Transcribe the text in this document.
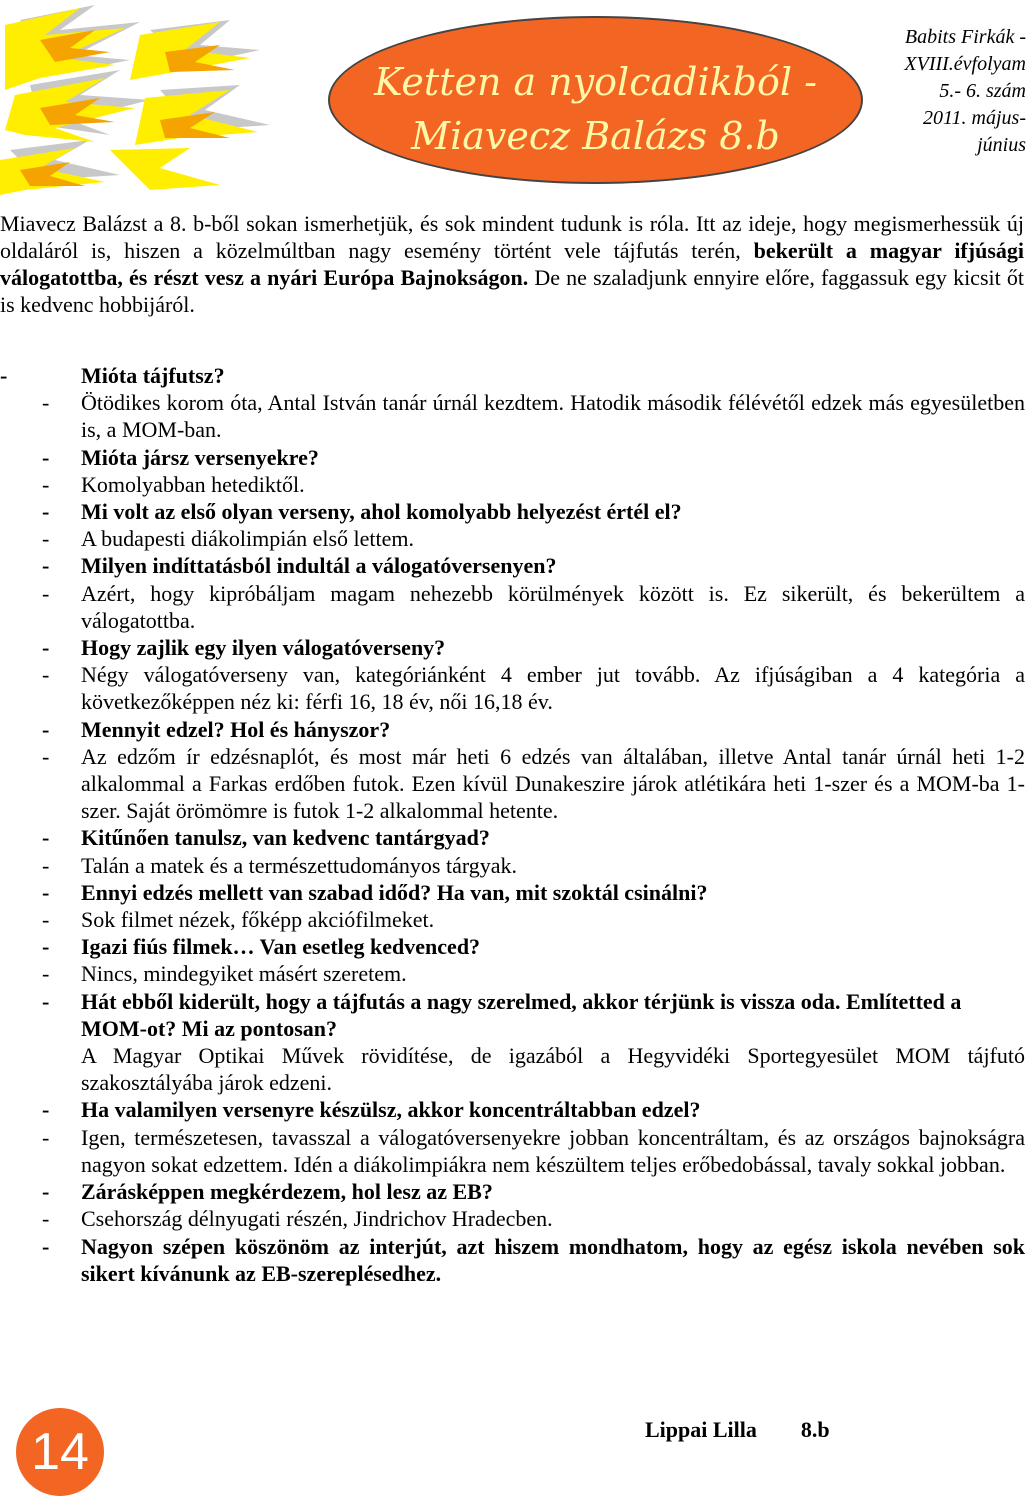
Ketten a nyolcadikból -
Miavecz Balázs 8.b
Babits Firkák -
XVIII.évfolyam
5.- 6. szám
2011. május-
június
Miavecz Balázst a 8. b-ből sokan ismerhetjük, és sok mindent tudunk is róla. Itt az ideje, hogy megismerhessük új oldaláról is, hiszen a közelmúltban nagy esemény történt vele tájfutás terén, bekerült a magyar ifjúsági válogatottba, és részt vesz a nyári Európa Bajnokságon. De ne szaladjunk ennyire előre, faggassuk egy kicsit őt is kedvenc hobbijáról.
-	Mióta tájfutsz?
- Ötödikes korom óta, Antal István tanár úrnál kezdtem. Hatodik második félévétől edzek más egyesületben is, a MOM-ban.
- Mióta jársz versenyekre?
- Komolyabban hetediktől.
- Mi volt az első olyan verseny, ahol komolyabb helyezést értél el?
- A budapesti diákolimpián első lettem.
- Milyen indíttatásból indultál a válogatóversenyen?
- Azért, hogy kipróbáljam magam nehezebb körülmények között is. Ez sikerült, és bekerültem a válogatottba.
- Hogy zajlik egy ilyen válogatóverseny?
- Négy válogatóverseny van, kategóriánként 4 ember jut tovább. Az ifjúságiban a 4 kategória a következőképpen néz ki: férfi 16, 18 év, női 16,18 év.
- Mennyit edzel? Hol és hányszor?
- Az edzőm ír edzésnaplót, és most már heti 6 edzés van általában, illetve Antal tanár úrnál heti 1-2 alkalommal a Farkas erdőben futok. Ezen kívül Dunakeszire járok atlétikára heti 1-szer és a MOM-ba 1-szer. Saját örömömre is futok 1-2 alkalommal hetente.
- Kitűnően tanulsz, van kedvenc tantárgyad?
- Talán a matek és a természettudományos tárgyak.
- Ennyi edzés mellett van szabad időd? Ha van, mit szoktál csinálni?
- Sok filmet nézek, főképp akciófilmeket.
- Igazi fiús filmek… Van esetleg kedvenced?
- Nincs, mindegyiket másért szeretem.
- Hát ebből kiderült, hogy a tájfutás a nagy szerelmed, akkor térjünk is vissza oda. Említetted a MOM-ot? Mi az pontosan?
A Magyar Optikai Művek rövidítése, de igazából a Hegyvidéki Sportegyesület MOM tájfutó szakosztályába járok edzeni.
- Ha valamilyen versenyre készülsz, akkor koncentráltabban edzel?
- Igen, természetesen, tavasszal a válogatóversenyekre jobban koncentráltam, és az országos bajnokságra nagyon sokat edzettem. Idén a diákolimpiákra nem készültem teljes erőbedobással, tavaly sokkal jobban.
- Zárásképpen megkérdezem, hol lesz az EB?
- Csehország délnyugati részén, Jindrichov Hradecben.
- Nagyon szépen köszönöm az interjút, azt hiszem mondhatom, hogy az egész iskola nevében sok sikert kívánunk az EB-szereplésedhez.
Lippai Lilla 8.b
14
